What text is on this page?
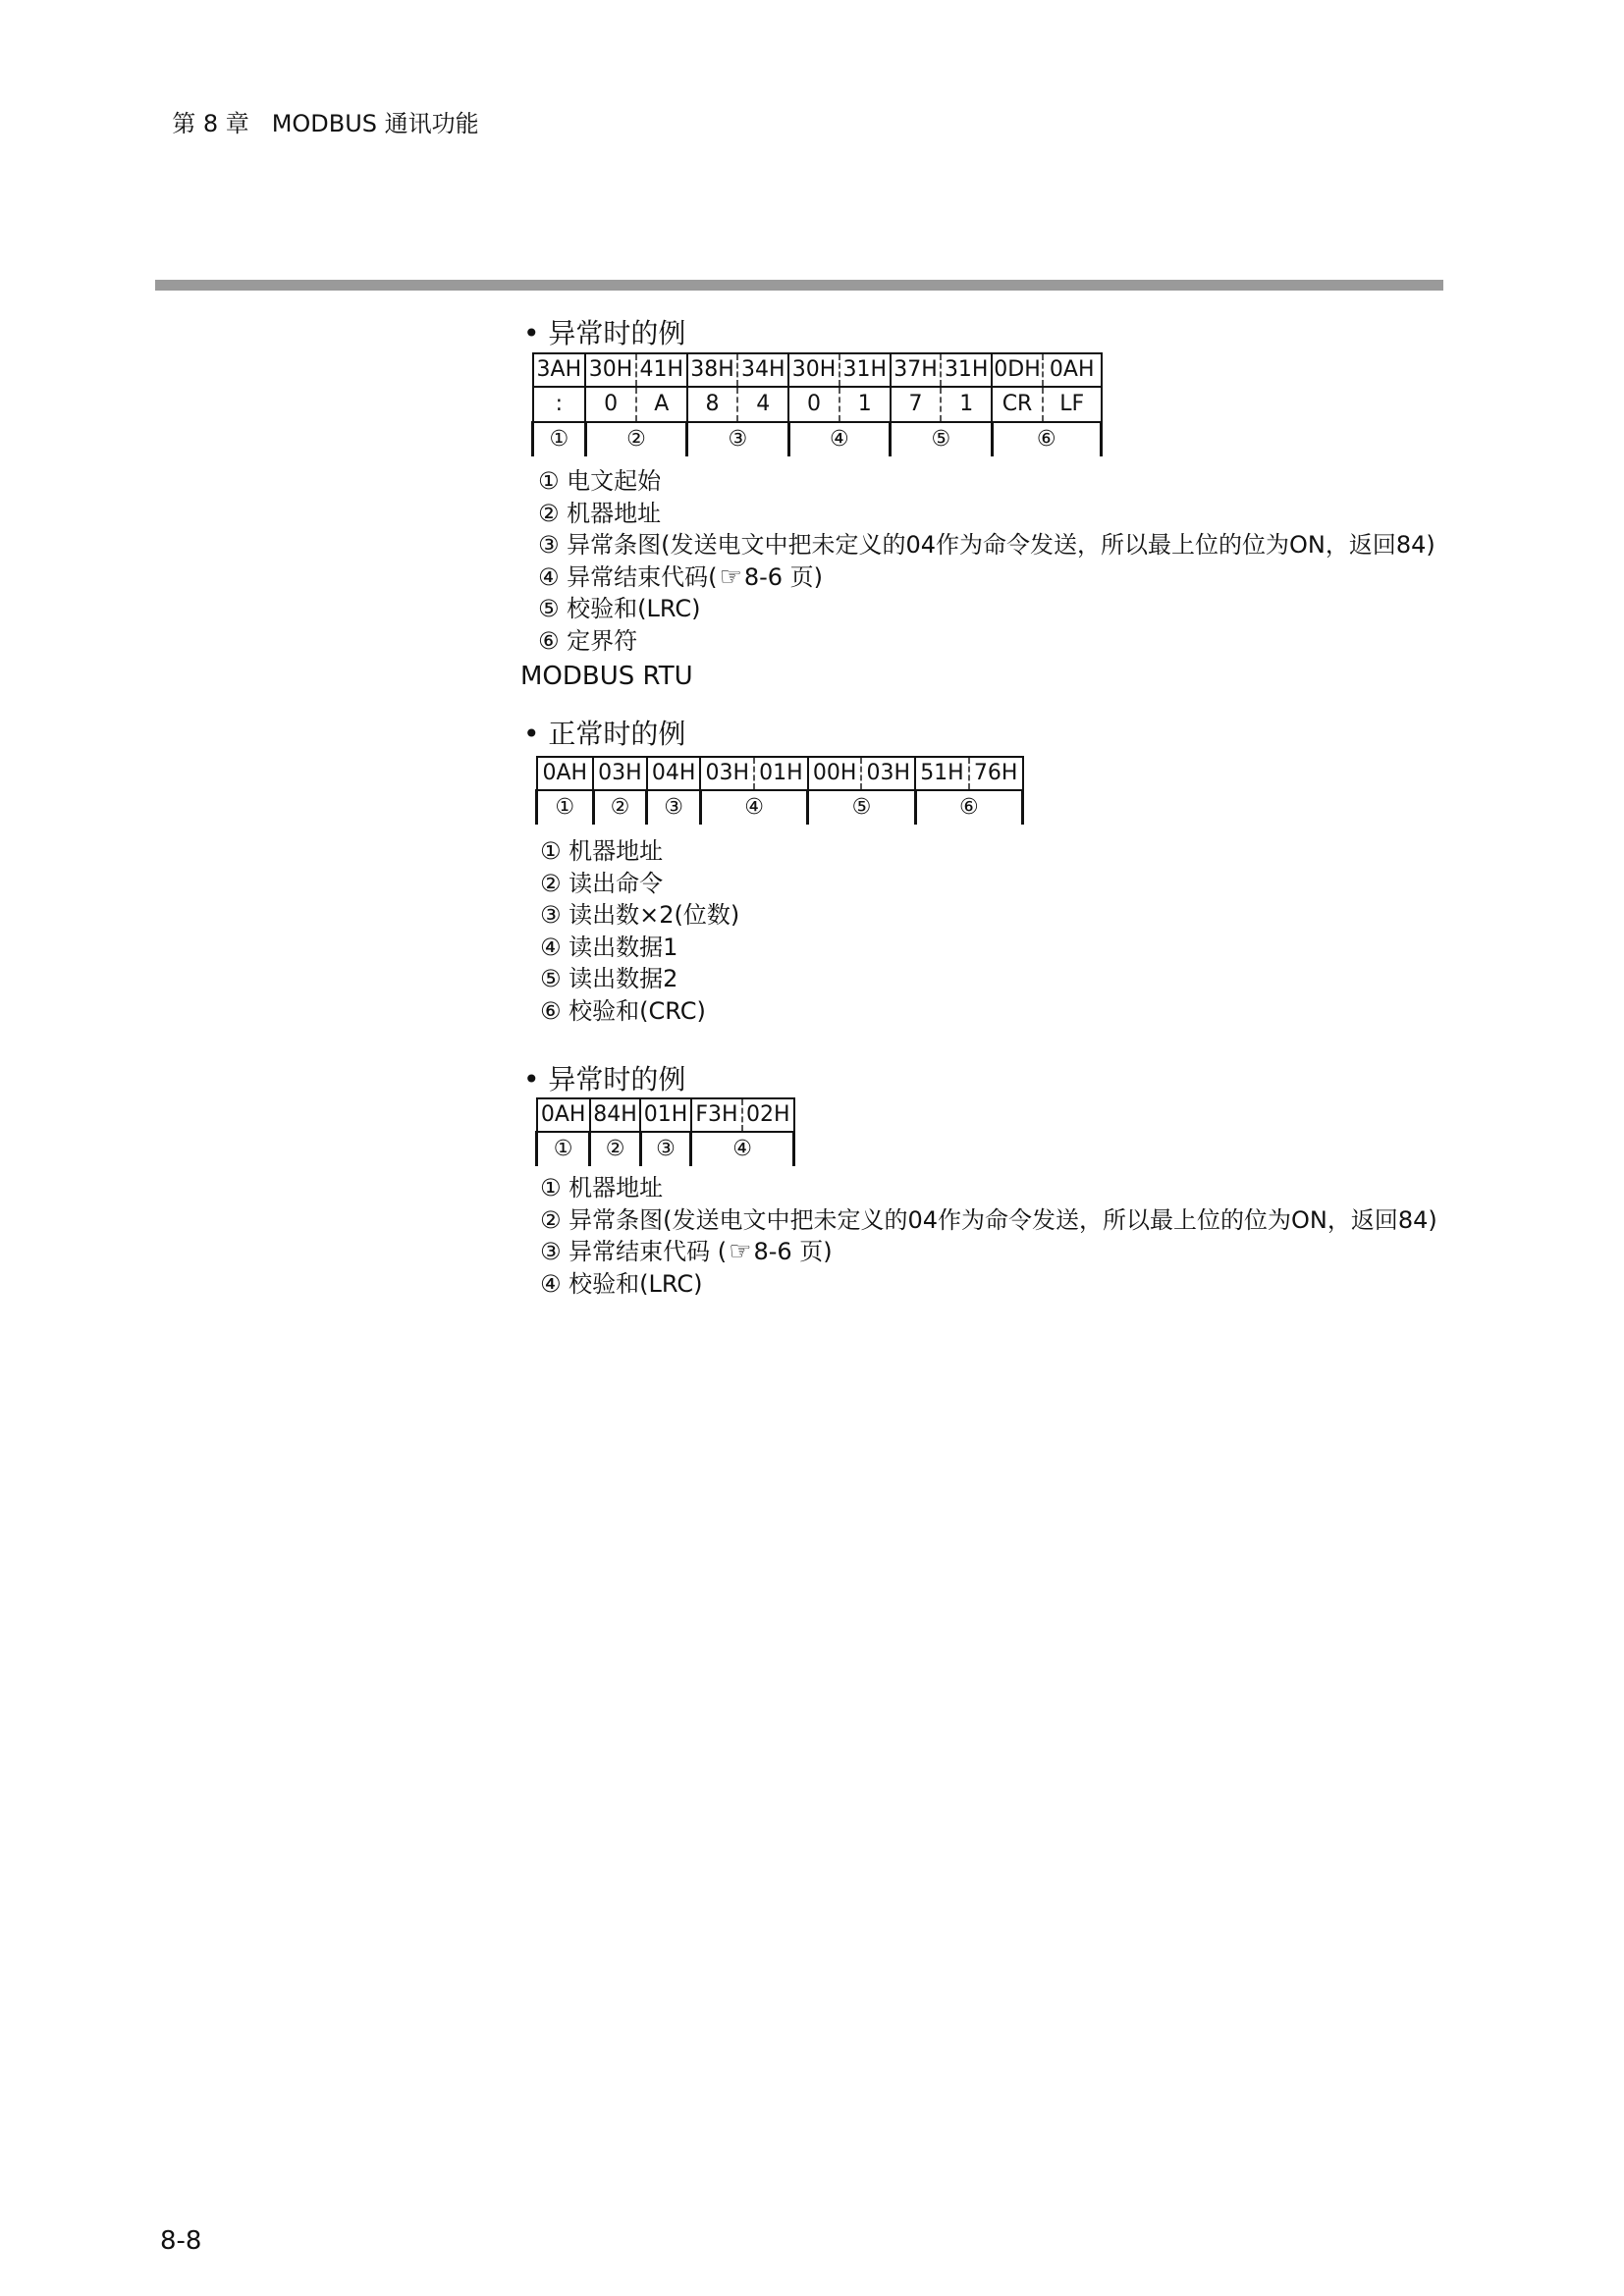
第 8 章 MODBUS 通讯功能

• 异常时的例
3AH	30H	41H	38H	34H	30H	31H	37H	31H	0DH	0AH
:	0	A	8	4	0	1	7	1	CR	LF
①	②		③		④		⑤		⑥	
① 电文起始
② 机器地址
③ 异常条图(发送电文中把未定义的04作为命令发送，所以最上位的位为ON，返回84)
④ 异常结束代码(☞8-6 页)
⑤ 校验和(LRC)
⑥ 定界符
MODBUS RTU
• 正常时的例
0AH	03H	04H	03H	01H	00H	03H	51H	76H
①	②	③	④		⑤		⑥	
① 机器地址
② 读出命令
③ 读出数×2(位数)
④ 读出数据1
⑤ 读出数据2
⑥ 校验和(CRC)
• 异常时的例
0AH	84H	01H	F3H	02H
①	②	③	④	
① 机器地址
② 异常条图(发送电文中把未定义的04作为命令发送，所以最上位的位为ON，返回84)
③ 异常结束代码 (☞8-6 页)
④ 校验和(LRC)
8-8
